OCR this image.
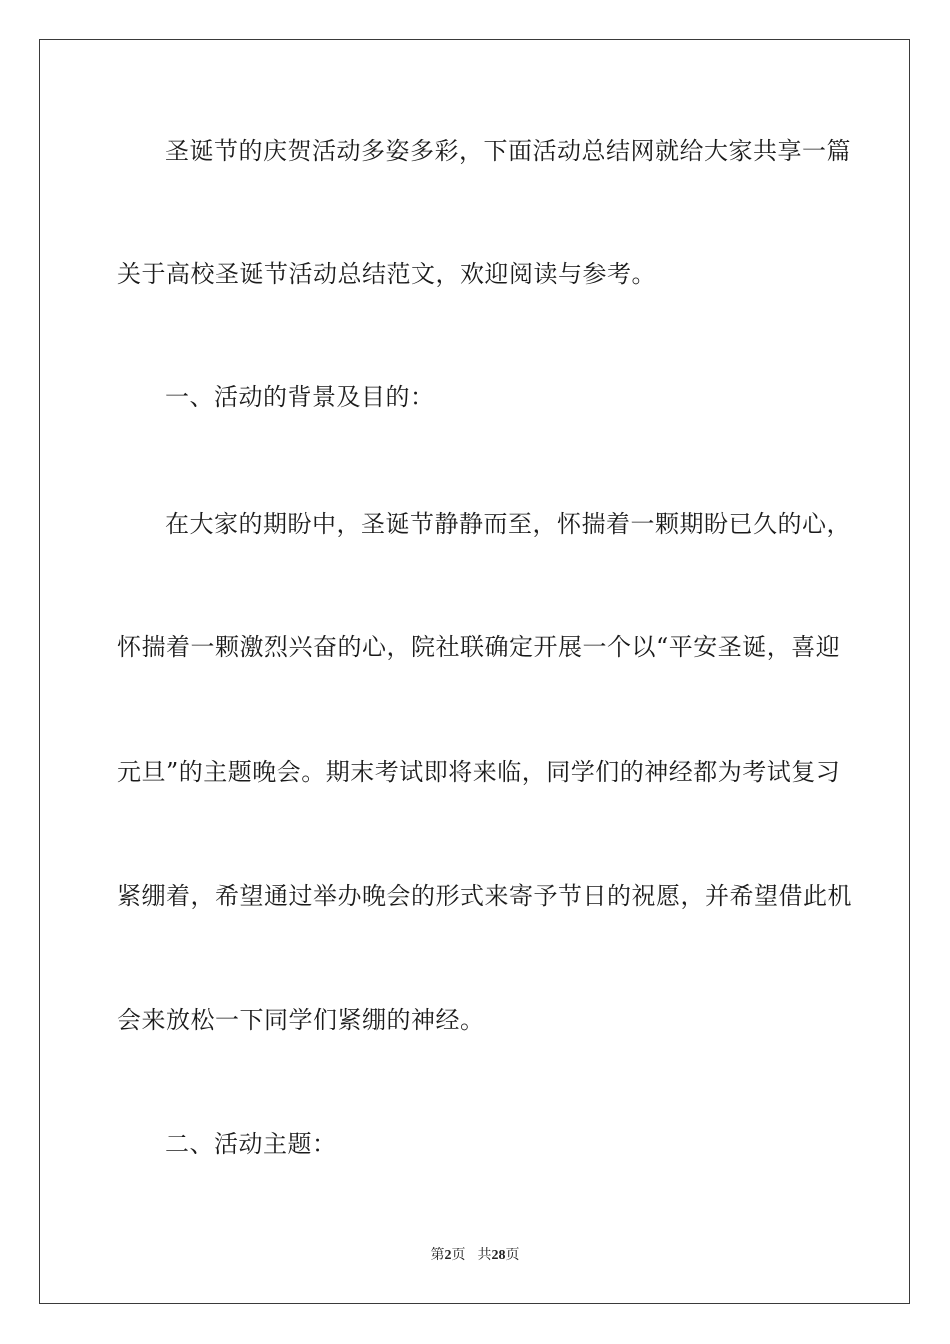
圣诞节的庆贺活动多姿多彩，下面活动总结网就给大家共享一篇
关于高校圣诞节活动总结范文，欢迎阅读与参考。
一、活动的背景及目的：
在大家的期盼中，圣诞节静静而至，怀揣着一颗期盼已久的心，
怀揣着一颗激烈兴奋的心，院社联确定开展一个以“平安圣诞，喜迎
元旦”的主题晚会。期末考试即将来临，同学们的神经都为考试复习
紧绷着，希望通过举办晚会的形式来寄予节日的祝愿，并希望借此机
会来放松一下同学们紧绷的神经。
二、活动主题：
第2页 共28页
